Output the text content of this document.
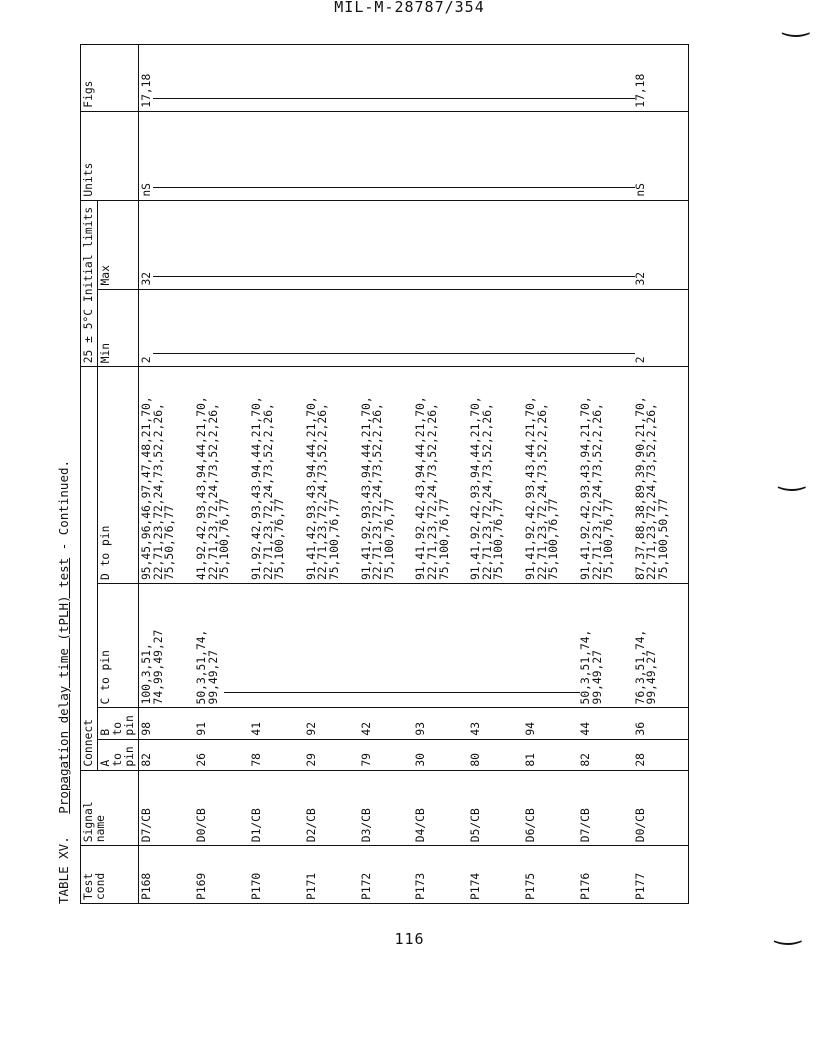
MIL-M-28787/354
‿
‿
‿
TABLE XV.   Propagation delay time (tPLH) test - Continued.
Test cond	Signal name	Connect				25 ± 5°C Initial limits		Units	Figs
		A to pin	B to pin	C to pin	D to pin	Min	Max		
P168	D7/CB	82	98	100,3,51,
74,99,49,27	95,45,96,46,97,47,48,21,70,
22,71,23,72,24,73,52,2,26,
75,50,76,77	2	32	nS	17,18

P169	D0/CB	26	91	50,3,51,74,
99,49,27	41,92,42,93,43,94,44,21,70,
22,71,23,72,24,73,52,2,26,
75,100,76,77	

P170	D1/CB	78	41		91,92,42,93,43,94,44,21,70,
22,71,23,72,24,73,52,2,26,
75,100,76,77	

P171	D2/CB	29	92		91,41,42,93,43,94,44,21,70,
22,71,23,72,24,73,52,2,26,
75,100,76,77	

P172	D3/CB	79	42		91,41,92,93,43,94,44,21,70,
22,71,23,72,24,73,52,2,26,
75,100,76,77	

P173	D4/CB	30	93		91,41,92,42,43,94,44,21,70,
22,71,23,72,24,73,52,2,26,
75,100,76,77	

P174	D5/CB	80	43		91,41,92,42,93,94,44,21,70,
22,71,23,72,24,73,52,2,26,
75,100,76,77	

P175	D6/CB	81	94		91,41,92,42,93,43,44,21,70,
22,71,23,72,24,73,52,2,26,
75,100,76,77	

P176	D7/CB	82	44	50,3,51,74,
99,49,27	91,41,92,42,93,43,94,21,70,
22,71,23,72,24,73,52,2,26,
75,100,76,77	

P177	D0/CB	28	36	76,3,51,74,
99,49,27	87,37,88,38,89,39,90,21,70,
22,71,23,72,24,73,52,2,26,
75,100,50,77	2	32	nS	17,18
116
